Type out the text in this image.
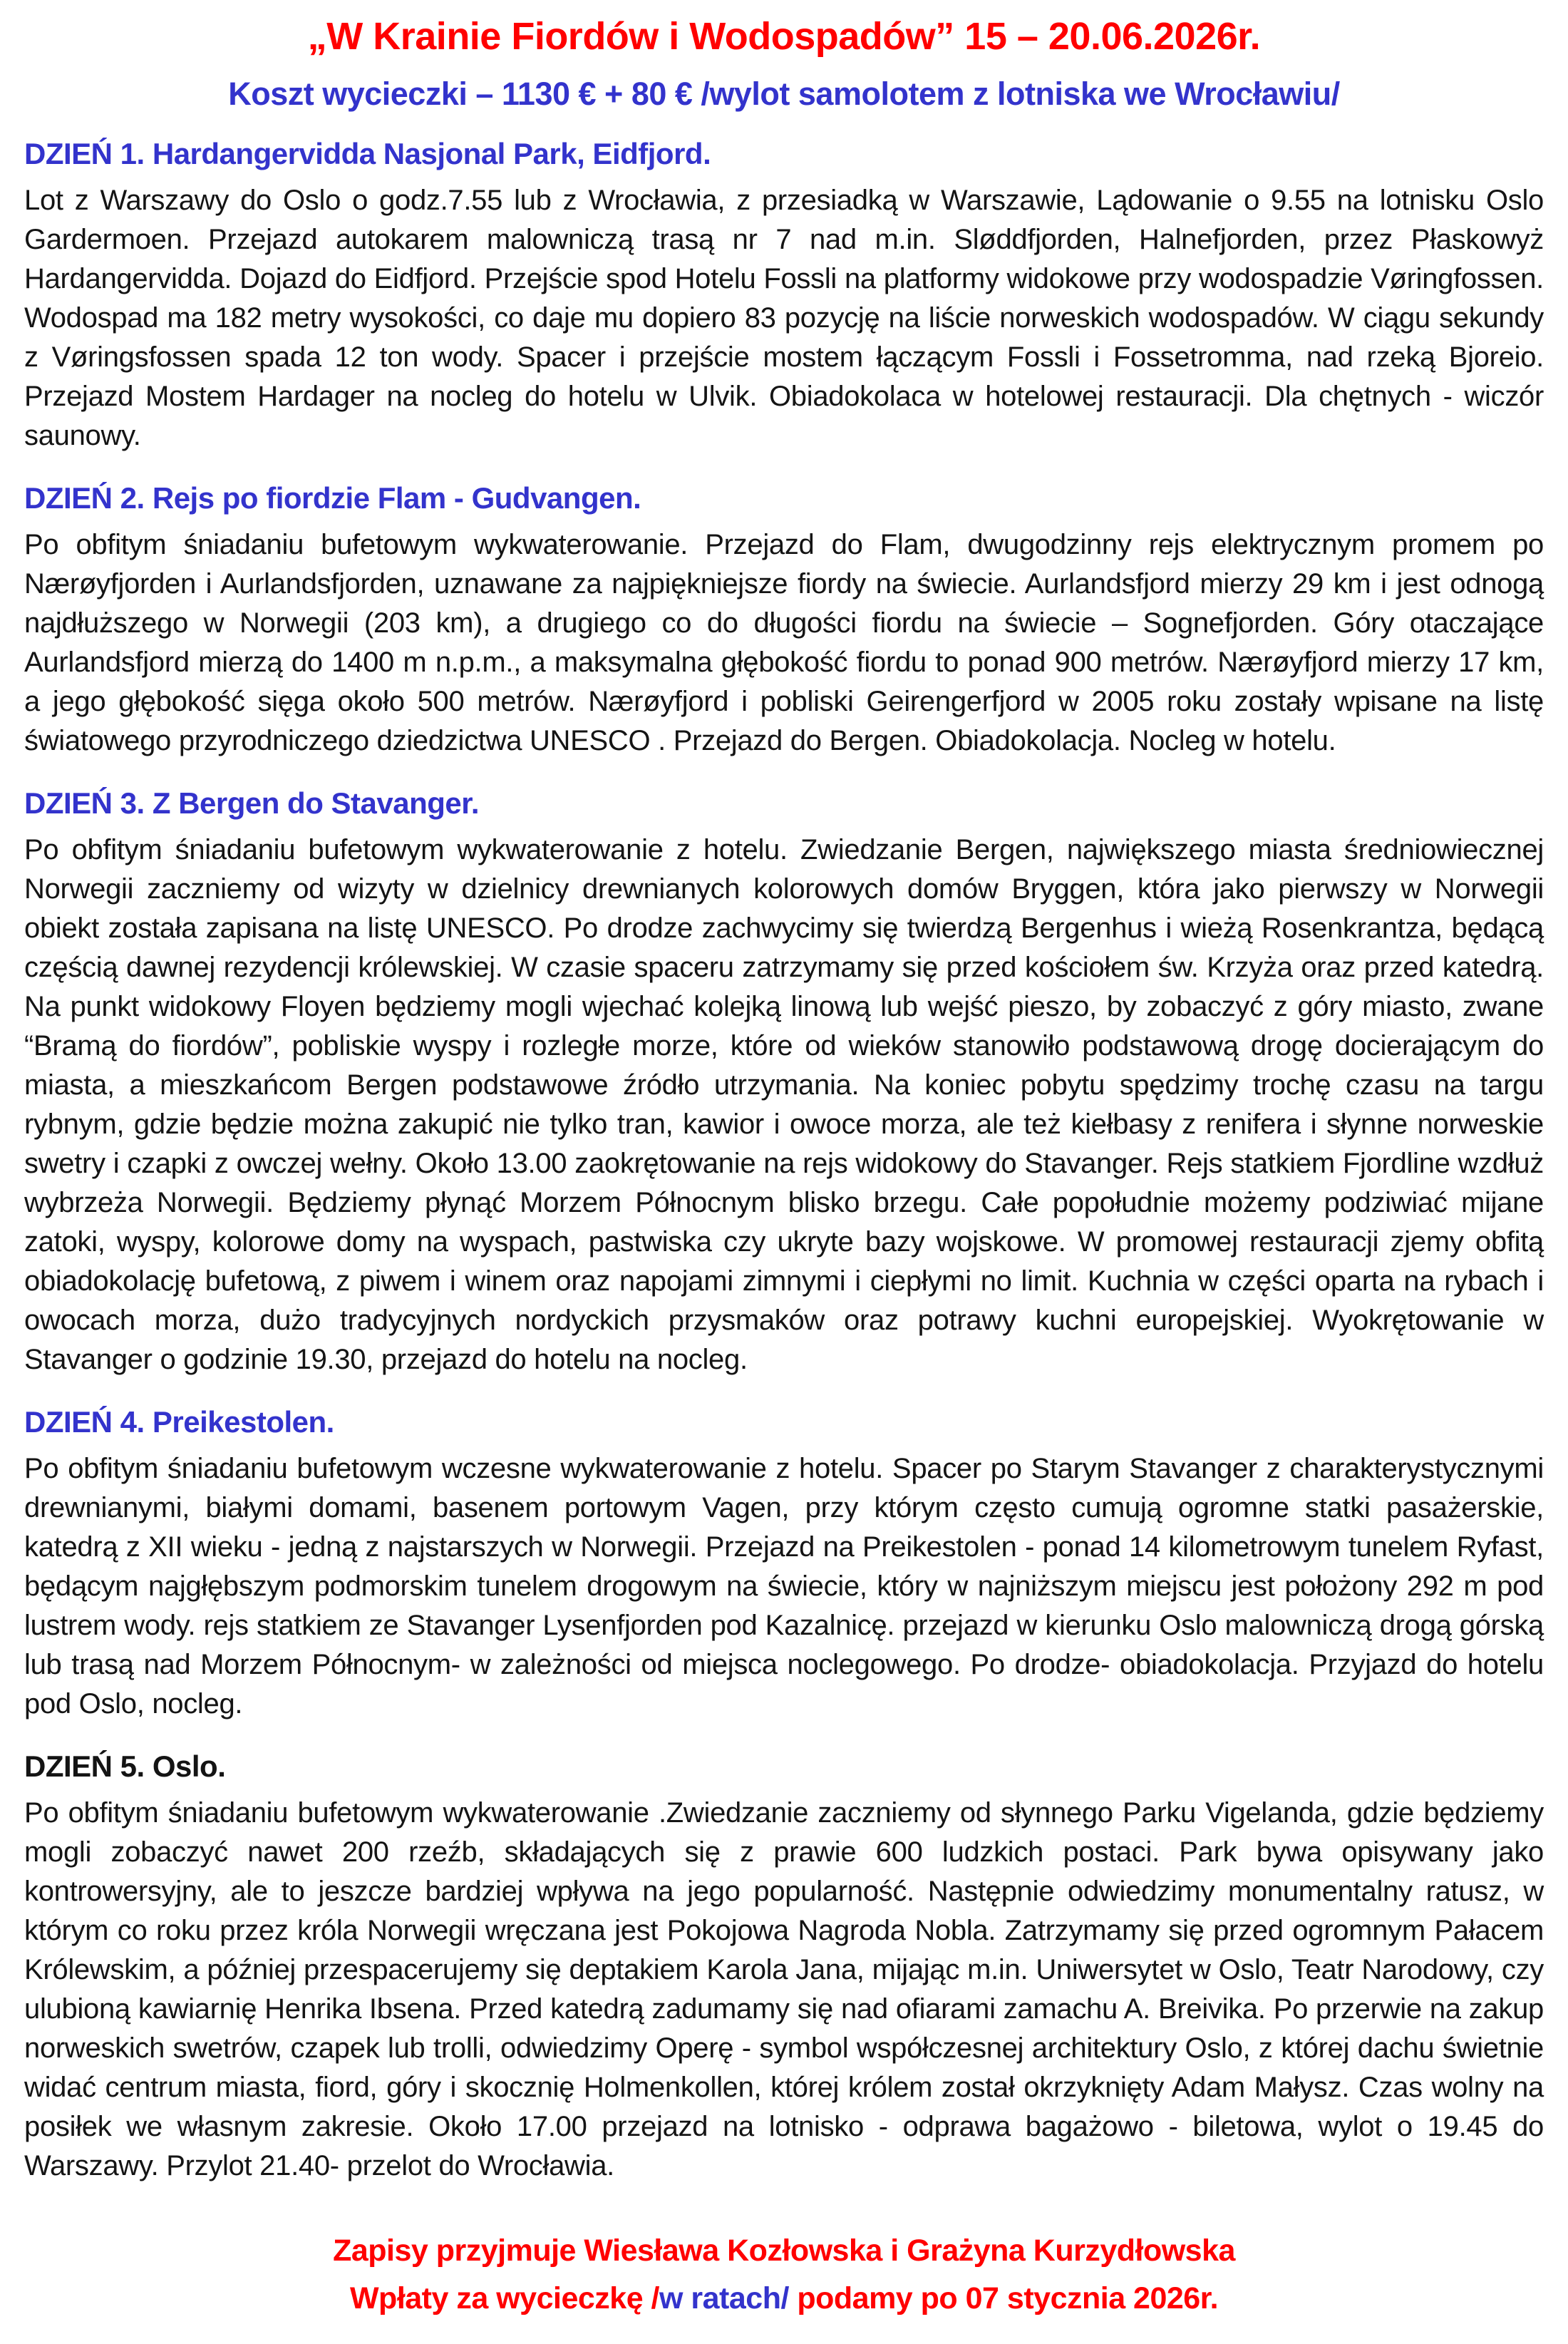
„W Krainie Fiordów i Wodospadów” 15 – 20.06.2026r.
Koszt wycieczki – 1130 € + 80 € /wylot samolotem z lotniska we Wrocławiu/
DZIEŃ 1. Hardangervidda Nasjonal Park, Eidfjord.

Lot z Warszawy do Oslo o godz.7.55 lub z Wrocławia, z przesiadką w Warszawie, Lądowanie o 9.55 na lotnisku Oslo Gardermoen. Przejazd autokarem malowniczą trasą nr 7 nad m.in. Sløddfjorden, Halnefjorden, przez Płaskowyż Hardangervidda. Dojazd do Eidfjord. Przejście spod Hotelu Fossli na platformy widokowe przy wodospadzie Vøringfossen. Wodospad ma 182 metry wysokości, co daje mu dopiero 83 pozycję na liście norweskich wodospadów. W ciągu sekundy z Vøringsfossen spada 12 ton wody. Spacer i przejście mostem łączącym Fossli i Fossetromma, nad rzeką Bjoreio. Przejazd Mostem Hardager na nocleg do hotelu w Ulvik. Obiadokolaca w hotelowej restauracji. Dla chętnych - wiczór saunowy.

DZIEŃ 2. Rejs po fiordzie Flam - Gudvangen.

Po obfitym śniadaniu bufetowym wykwaterowanie. Przejazd do Flam, dwugodzinny rejs elektrycznym promem po Nærøyfjorden i Aurlandsfjorden, uznawane za najpiękniejsze fiordy na świecie. Aurlandsfjord mierzy 29 km i jest odnogą najdłuższego w Norwegii (203 km), a drugiego co do długości fiordu na świecie – Sognefjorden. Góry otaczające Aurlandsfjord mierzą do 1400 m n.p.m., a maksymalna głębokość fiordu to ponad 900 metrów. Nærøyfjord mierzy 17 km, a jego głębokość sięga około 500 metrów. Nærøyfjord i pobliski Geirengerfjord w 2005 roku zostały wpisane na listę światowego przyrodniczego dziedzictwa UNESCO . Przejazd do Bergen. Obiadokolacja. Nocleg w hotelu.

DZIEŃ 3. Z Bergen do Stavanger.

Po obfitym śniadaniu bufetowym wykwaterowanie z hotelu. Zwiedzanie Bergen, największego miasta średniowiecznej Norwegii zaczniemy od wizyty w dzielnicy drewnianych kolorowych domów Bryggen, która jako pierwszy w Norwegii obiekt została zapisana na listę UNESCO. Po drodze zachwycimy się twierdzą Bergenhus i wieżą Rosenkrantza, będącą częścią dawnej rezydencji królewskiej. W czasie spaceru zatrzymamy się przed kościołem św. Krzyża oraz przed katedrą. Na punkt widokowy Floyen będziemy mogli wjechać kolejką linową lub wejść pieszo, by zobaczyć z góry miasto, zwane “Bramą do fiordów”, pobliskie wyspy i rozległe morze, które od wieków stanowiło podstawową drogę docierającym do miasta, a mieszkańcom Bergen podstawowe źródło utrzymania. Na koniec pobytu spędzimy trochę czasu na targu rybnym, gdzie będzie można zakupić nie tylko tran, kawior i owoce morza, ale też kiełbasy z renifera i słynne norweskie swetry i czapki z owczej wełny. Około 13.00 zaokrętowanie na rejs widokowy do Stavanger. Rejs statkiem Fjordline wzdłuż wybrzeża Norwegii. Będziemy płynąć Morzem Północnym blisko brzegu. Całe popołudnie możemy podziwiać mijane zatoki, wyspy, kolorowe domy na wyspach, pastwiska czy ukryte bazy wojskowe. W promowej restauracji zjemy obfitą obiadokolację bufetową, z piwem i winem oraz napojami zimnymi i ciepłymi no limit. Kuchnia w części oparta na rybach i owocach morza, dużo tradycyjnych nordyckich przysmaków oraz potrawy kuchni europejskiej. Wyokrętowanie w Stavanger o godzinie 19.30, przejazd do hotelu na nocleg.

DZIEŃ 4. Preikestolen.

Po obfitym śniadaniu bufetowym wczesne wykwaterowanie z hotelu. Spacer po Starym Stavanger z charakterystycznymi drewnianymi, białymi domami, basenem portowym Vagen, przy którym często cumują ogromne statki pasażerskie, katedrą z XII wieku - jedną z najstarszych w Norwegii. Przejazd na Preikestolen - ponad 14 kilometrowym tunelem Ryfast, będącym najgłębszym podmorskim tunelem drogowym na świecie, który w najniższym miejscu jest położony 292 m pod lustrem wody. rejs statkiem ze Stavanger Lysenfjorden pod Kazalnicę. przejazd w kierunku Oslo malowniczą drogą górską lub trasą nad Morzem Północnym- w zależności od miejsca noclegowego. Po drodze- obiadokolacja. Przyjazd do hotelu pod Oslo, nocleg.

DZIEŃ 5. Oslo.

Po obfitym śniadaniu bufetowym wykwaterowanie .Zwiedzanie zaczniemy od słynnego Parku Vigelanda, gdzie będziemy mogli zobaczyć nawet 200 rzeźb, składających się z prawie 600 ludzkich postaci. Park bywa opisywany jako kontrowersyjny, ale to jeszcze bardziej wpływa na jego popularność. Następnie odwiedzimy monumentalny ratusz, w którym co roku przez króla Norwegii wręczana jest Pokojowa Nagroda Nobla. Zatrzymamy się przed ogromnym Pałacem Królewskim, a później przespacerujemy się deptakiem Karola Jana, mijając m.in. Uniwersytet w Oslo, Teatr Narodowy, czy ulubioną kawiarnię Henrika Ibsena. Przed katedrą zadumamy się nad ofiarami zamachu A. Breivika. Po przerwie na zakup norweskich swetrów, czapek lub trolli, odwiedzimy Operę - symbol współczesnej architektury Oslo, z której dachu świetnie widać centrum miasta, fiord, góry i skocznię Holmenkollen, której królem został okrzyknięty Adam Małysz. Czas wolny na posiłek we własnym zakresie. Około 17.00 przejazd na lotnisko - odprawa bagażowo - biletowa, wylot o 19.45 do Warszawy. Przylot 21.40- przelot do Wrocławia.

Zapisy przyjmuje Wiesława Kozłowska i Grażyna Kurzydłowska

Wpłaty za wycieczkę /w ratach/ podamy po 07 stycznia 2026r.
